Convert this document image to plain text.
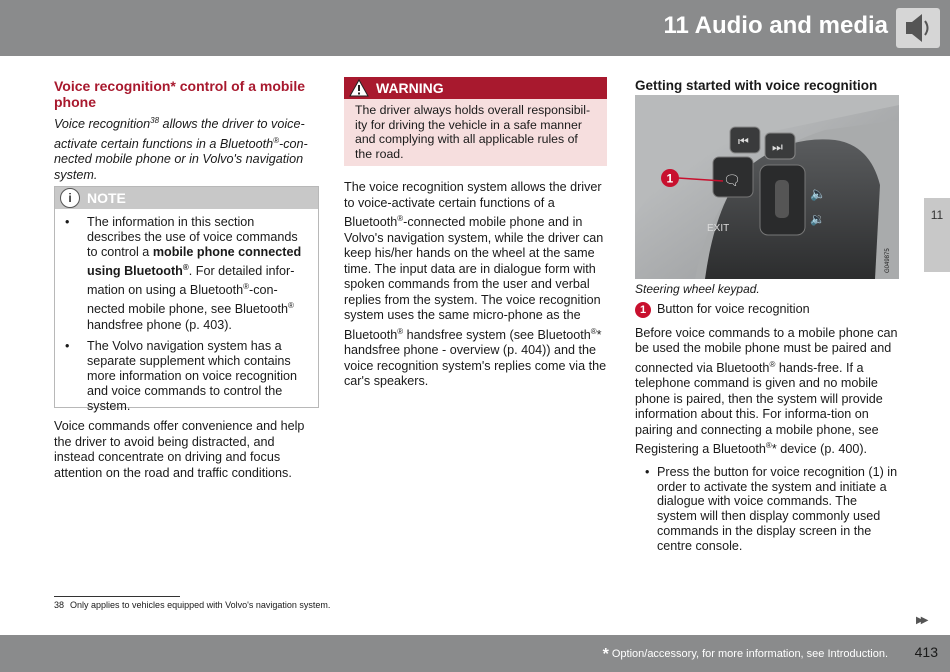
11 Audio and media
11
Voice recognition* control of a mobile phone

Voice recognition$^{38}$ allows the driver to voice-activate certain functions in a Bluetooth®-con-nected mobile phone or in Volvo's navigation system.

i	NOTE
• The information in this section describes the use of voice commands to control a mobile phone connected using Bluetooth®. For detailed infor-mation on using a Bluetooth®-con-nected mobile phone, see Bluetooth® handsfree phone (p. 403).
• The Volvo navigation system has a separate supplement which contains more information on voice recognition and voice commands to control the system.

Voice commands offer convenience and help the driver to avoid being distracted, and instead concentrate on driving and focus attention on the road and traffic conditions.

WARNING

The driver always holds overall responsibil-ity for driving the vehicle in a safe manner and complying with all applicable rules of the road.

The voice recognition system allows the driver to voice-activate certain functions of a Bluetooth®-connected mobile phone and in Volvo's navigation system, while the driver can keep his/her hands on the wheel at the same time. The input data are in dialogue form with spoken commands from the user and verbal replies from the system. The voice recognition system uses the same micro-phone as the Bluetooth® handsfree system (see Bluetooth®* handsfree phone - overview (p. 404)) and the voice recognition system's replies come via the car's speakers.

Getting started with voice recognition
⏮ ⏭
🗨
🔈
🔉
EXIT
1
G049875

Steering wheel keypad.

1 Button for voice recognition

Before voice commands to a mobile phone can be used the mobile phone must be paired and connected via Bluetooth® hands-free. If a telephone command is given and no mobile phone is paired, then the system will provide information about this. For informa-tion on pairing and connecting a mobile phone, see Registering a Bluetooth®* device (p. 400).

• Press the button for voice recognition (1) in order to activate the system and initiate a dialogue with voice commands. The system will then display commonly used commands in the display screen in the centre console.
38 Only applies to vehicles equipped with Volvo's navigation system.
▶▶
* Option/accessory, for more information, see Introduction. 413
